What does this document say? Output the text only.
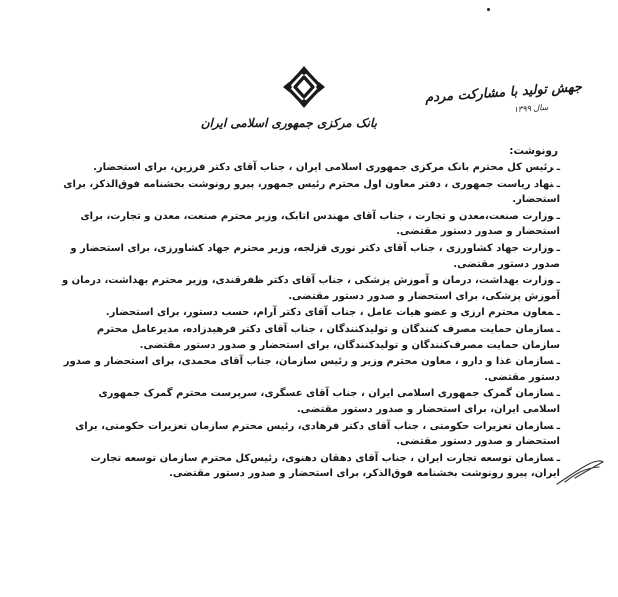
بانک مرکزی جمهوری اسلامی ایران
جهش تولید با مشارکت مردم
سال ۱۳۹۹
رونوشت:
ـرئیس کل محترم بانک مرکزی جمهوری اسلامی ایران ، جناب آقای دکتر فرزین، برای استحضار.
ـنهاد ریاست جمهوری ، دفتر معاون اول محترم رئیس جمهور، پیرو رونوشت بخشنامه فوق‌الذکر، برای استحضار.
ـوزارت صنعت،معدن و تجارت ، جناب آقای مهندس اتابک، وزیر محترم صنعت، معدن و تجارت، برای استحضار و صدور دستور مقتضی.
ـوزارت جهاد کشاورزی ، جناب آقای دکتر نوری قزلجه، وزیر محترم جهاد کشاورزی، برای استحضار و صدور دستور مقتضی.
ـوزارت بهداشت، درمان و آموزش پزشکی ، جناب آقای دکتر ظفرقندی، وزیر محترم بهداشت، درمان و آموزش پزشکی، برای استحضار و صدور دستور مقتضی.
ـمعاون محترم ارزی و عضو هیات عامل ، جناب آقای دکتر آرام، حسب دستور، برای استحضار.
ـسازمان حمایت مصرف کنندگان و تولیدکنندگان ، جناب آقای دکتر فرهیدزاده، مدیرعامل محترم سازمان حمایت مصرف‌کنندگان و تولیدکنندگان، برای استحضار و صدور دستور مقتضی.
ـسازمان غذا و دارو ، معاون محترم وزیر و رئیس سازمان، جناب آقای محمدی، برای استحضار و صدور دستور مقتضی.
ـسازمان گمرک جمهوری اسلامی ایران ، جناب آقای عسگری، سرپرست محترم گمرک جمهوری اسلامی ایران، برای استحضار و صدور دستور مقتضی.
ـسازمان تعزیرات حکومتی ، جناب آقای دکتر فرهادی، رئیس محترم سازمان تعزیرات حکومتی، برای استحضار و صدور دستور مقتضی.
ـسازمان توسعه تجارت ایران ، جناب آقای دهقان دهنوی، رئیس‌کل محترم سازمان توسعه تجارت ایران، پیرو رونوشت بخشنامه فوق‌الذکر، برای استحضار و صدور دستور مقتضی.
